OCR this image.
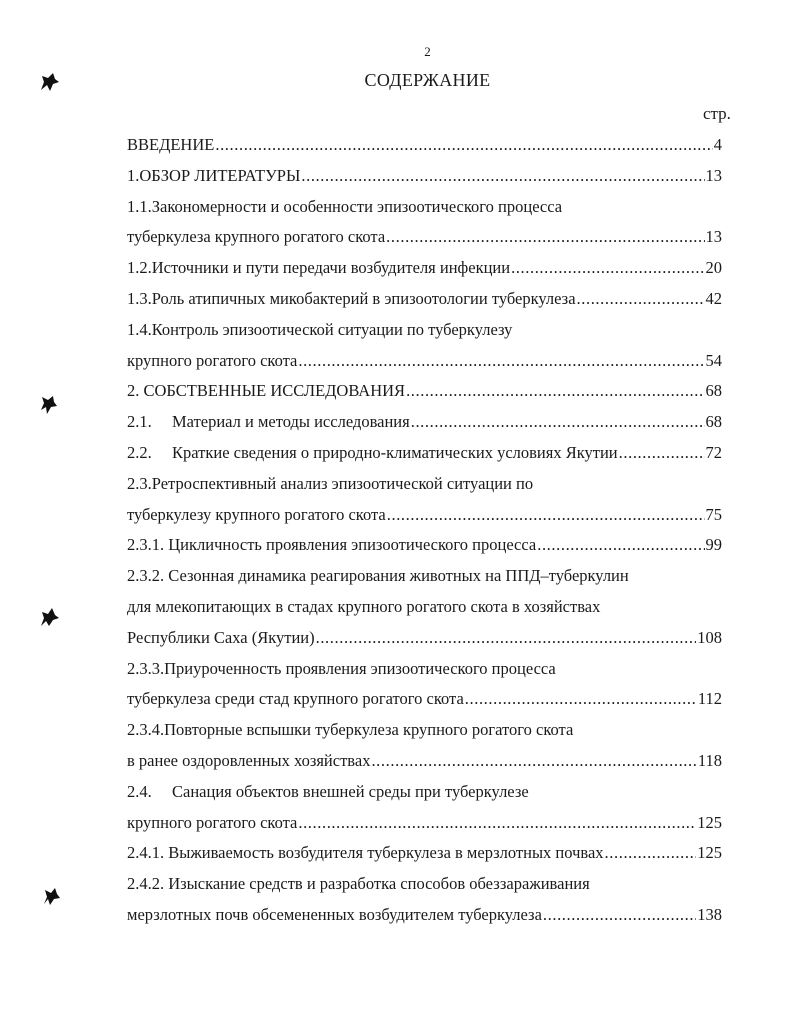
2
СОДЕРЖАНИЕ
стр.
ВВЕДЕНИЕ .....	4
1.ОБЗОР ЛИТЕРАТУРЫ .....	13
1.1.Закономерности и особенности эпизоотического процесса
туберкулеза крупного рогатого скота .....	13
1.2.Источники и пути передачи возбудителя инфекции .....	20
1.3.Роль атипичных микобактерий в эпизоотологии туберкулеза .....	42
1.4.Контроль эпизоотической ситуации по туберкулезу
крупного рогатого скота .....	54
2. СОБСТВЕННЫЕ ИССЛЕДОВАНИЯ .....	68
2.1.	Материал и методы исследования .....	68
2.2.	Краткие сведения о природно-климатических условиях Якутии .....	72
2.3.Ретроспективный анализ эпизоотической ситуации по
туберкулезу крупного рогатого скота .....	75
2.3.1. Цикличность проявления эпизоотического процесса .....	99
2.3.2. Сезонная динамика реагирования животных на ППД–туберкулин
для млекопитающих в стадах крупного рогатого скота в хозяйствах
Республики Саха (Якутии) .....	108
2.3.3.Приуроченность проявления эпизоотического процесса
туберкулеза среди стад крупного рогатого скота .....	112
2.3.4.Повторные вспышки туберкулеза крупного рогатого скота
в ранее оздоровленных хозяйствах .....	118
2.4.	Санация объектов внешней среды при туберкулезе
крупного рогатого скота .....	125
2.4.1. Выживаемость возбудителя туберкулеза в мерзлотных почвах .....	125
2.4.2. Изыскание средств и разработка способов обеззараживания
мерзлотных почв обсемененных возбудителем туберкулеза .....	138
